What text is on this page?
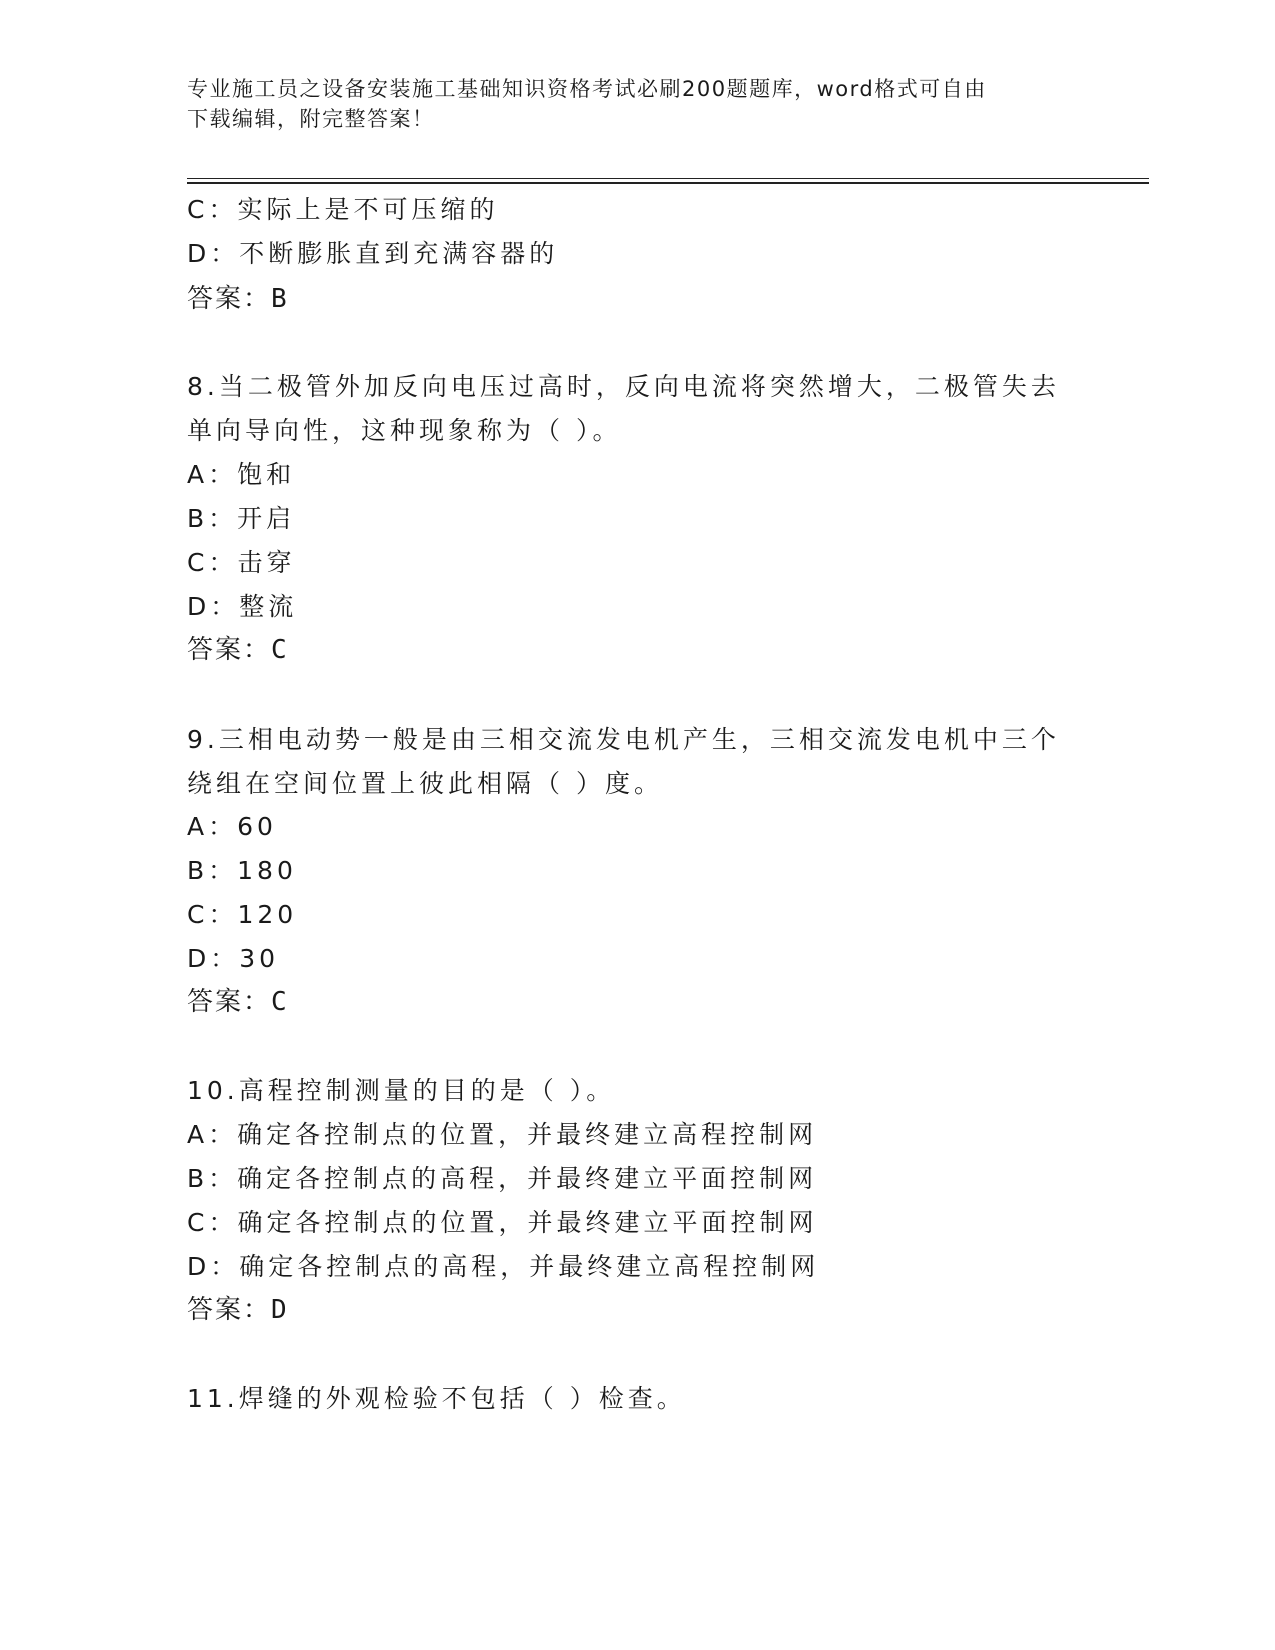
专业施工员之设备安装施工基础知识资格考试必刷200题题库，word格式可自由
下载编辑，附完整答案！
C：实际上是不可压缩的
D：不断膨胀直到充满容器的
答案：B
8.当二极管外加反向电压过高时，反向电流将突然增大，二极管失去
单向导向性，这种现象称为（ ）。
A：饱和
B：开启
C：击穿
D：整流
答案：C
9.三相电动势一般是由三相交流发电机产生，三相交流发电机中三个
绕组在空间位置上彼此相隔（ ）度。
A：60
B：180
C：120
D：30
答案：C
10.高程控制测量的目的是（ ）。
A：确定各控制点的位置，并最终建立高程控制网
B：确定各控制点的高程，并最终建立平面控制网
C：确定各控制点的位置，并最终建立平面控制网
D：确定各控制点的高程，并最终建立高程控制网
答案：D
11.焊缝的外观检验不包括（ ）检查。
